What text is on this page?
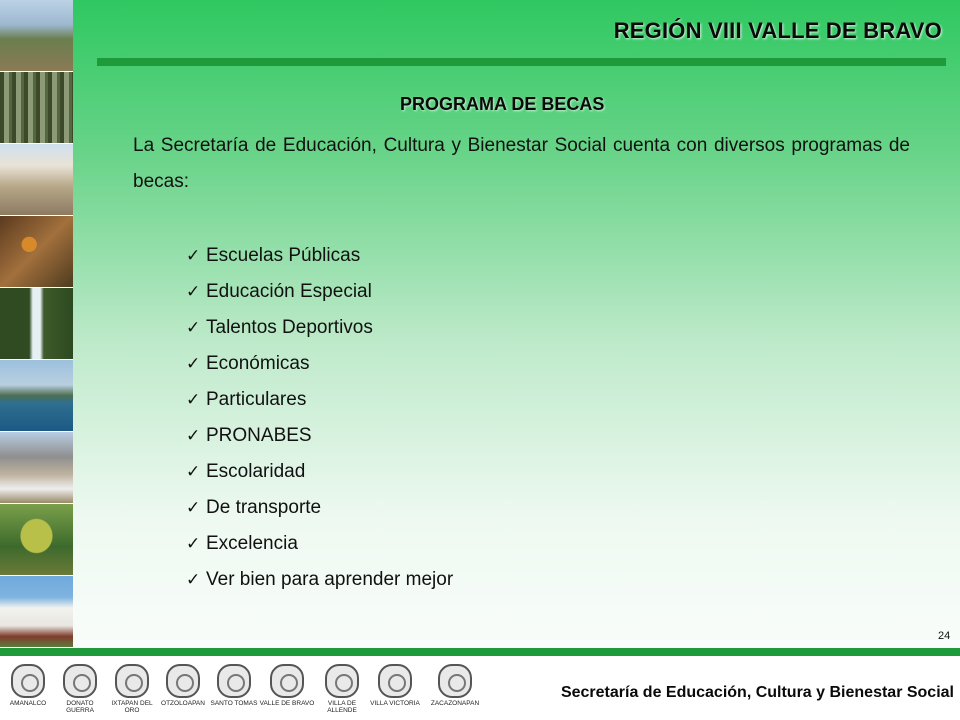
REGIÓN VIII VALLE DE BRAVO
PROGRAMA DE BECAS

La Secretaría de Educación, Cultura y Bienestar Social cuenta con diversos programas de becas:

✓ Escuelas Públicas
✓ Educación Especial
✓ Talentos Deportivos
✓ Económicas
✓ Particulares
✓ PRONABES
✓ Escolaridad
✓ De transporte
✓ Excelencia
✓ Ver bien para aprender mejor
24
AMANALCO	DONATO GUERRA
IXTAPAN DEL ORO
OTZOLOAPAN SANTO TOMAS VALLE DE BRAVO	VILLA DE ALLENDE
VILLA VICTORIA	ZACAZONAPAN
Secretaría de Educación, Cultura y Bienestar Social
